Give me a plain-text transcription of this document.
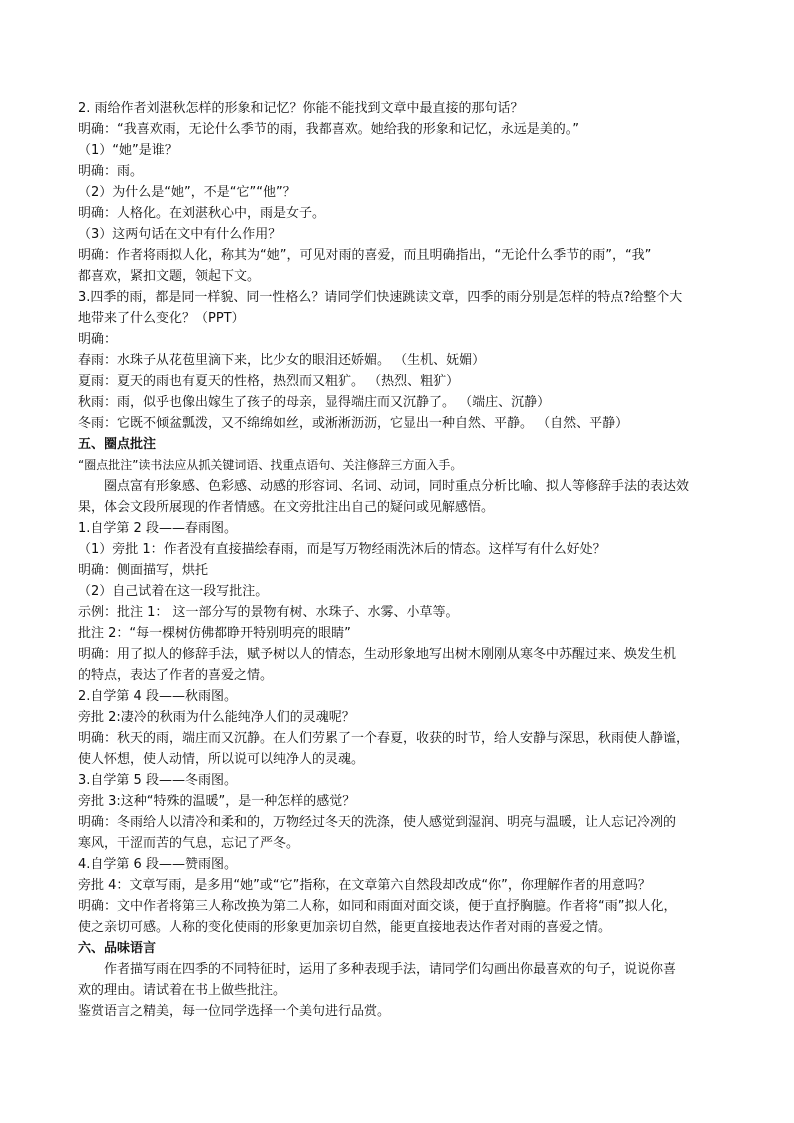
2. 雨给作者刘湛秋怎样的形象和记忆？你能不能找到文章中最直接的那句话？
明确：“我喜欢雨，无论什么季节的雨，我都喜欢。她给我的形象和记忆，永远是美的。”
（1）“她”是谁？
明确：雨。
（2）为什么是“她”，不是“它”“他”？
明确：人格化。在刘湛秋心中，雨是女子。
（3）这两句话在文中有什么作用？
明确：作者将雨拟人化，称其为“她”，可见对雨的喜爱，而且明确指出，“无论什么季节的雨”，“我”
都喜欢，紧扣文题，领起下文。
3.四季的雨，都是同一样貌、同一性格么？请同学们快速跳读文章，四季的雨分别是怎样的特点?给整个大
地带来了什么变化？（PPT）
明确：
春雨：水珠子从花苞里滴下来，比少女的眼泪还娇媚。 （生机、妩媚）
夏雨：夏天的雨也有夏天的性格，热烈而又粗犷。 （热烈、粗犷）
秋雨：雨，似乎也像出嫁生了孩子的母亲，显得端庄而又沉静了。 （端庄、沉静）
冬雨：它既不倾盆瓢泼，又不绵绵如丝，或淅淅沥沥，它显出一种自然、平静。 （自然、平静）
五、圈点批注
“圈点批注”读书法应从抓关键词语、找重点语句、关注修辞三方面入手。
圈点富有形象感、色彩感、动感的形容词、名词、动词，同时重点分析比喻、拟人等修辞手法的表达效
果，体会文段所展现的作者情感。在文旁批注出自己的疑问或见解感悟。
1.自学第 2 段——春雨图。
（1）旁批 1：作者没有直接描绘春雨，而是写万物经雨洗沐后的情态。这样写有什么好处？
明确：侧面描写，烘托
（2）自己试着在这一段写批注。
示例：批注 1： 这一部分写的景物有树、水珠子、水雾、小草等。
批注 2：“每一棵树仿佛都睁开特别明亮的眼睛”
明确：用了拟人的修辞手法，赋予树以人的情态，生动形象地写出树木刚刚从寒冬中苏醒过来、焕发生机
的特点，表达了作者的喜爱之情。
2.自学第 4 段——秋雨图。
旁批 2:凄冷的秋雨为什么能纯净人们的灵魂呢？
明确：秋天的雨，端庄而又沉静。在人们劳累了一个春夏，收获的时节，给人安静与深思，秋雨使人静谧，
使人怀想，使人动情，所以说可以纯净人的灵魂。
3.自学第 5 段——冬雨图。
旁批 3:这种“特殊的温暖”，是一种怎样的感觉？
明确：冬雨给人以清冷和柔和的，万物经过冬天的洗涤，使人感觉到湿润、明亮与温暖，让人忘记冷冽的
寒风，干涩而苦的气息，忘记了严冬。
4.自学第 6 段——赞雨图。
旁批 4：文章写雨，是多用“她”或“它”指称，在文章第六自然段却改成“你”，你理解作者的用意吗？
明确：文中作者将第三人称改换为第二人称，如同和雨面对面交谈，便于直抒胸臆。作者将“雨”拟人化，
使之亲切可感。人称的变化使雨的形象更加亲切自然，能更直接地表达作者对雨的喜爱之情。
六、品味语言
作者描写雨在四季的不同特征时，运用了多种表现手法，请同学们勾画出你最喜欢的句子，说说你喜
欢的理由。请试着在书上做些批注。
鉴赏语言之精美，每一位同学选择一个美句进行品赏。
